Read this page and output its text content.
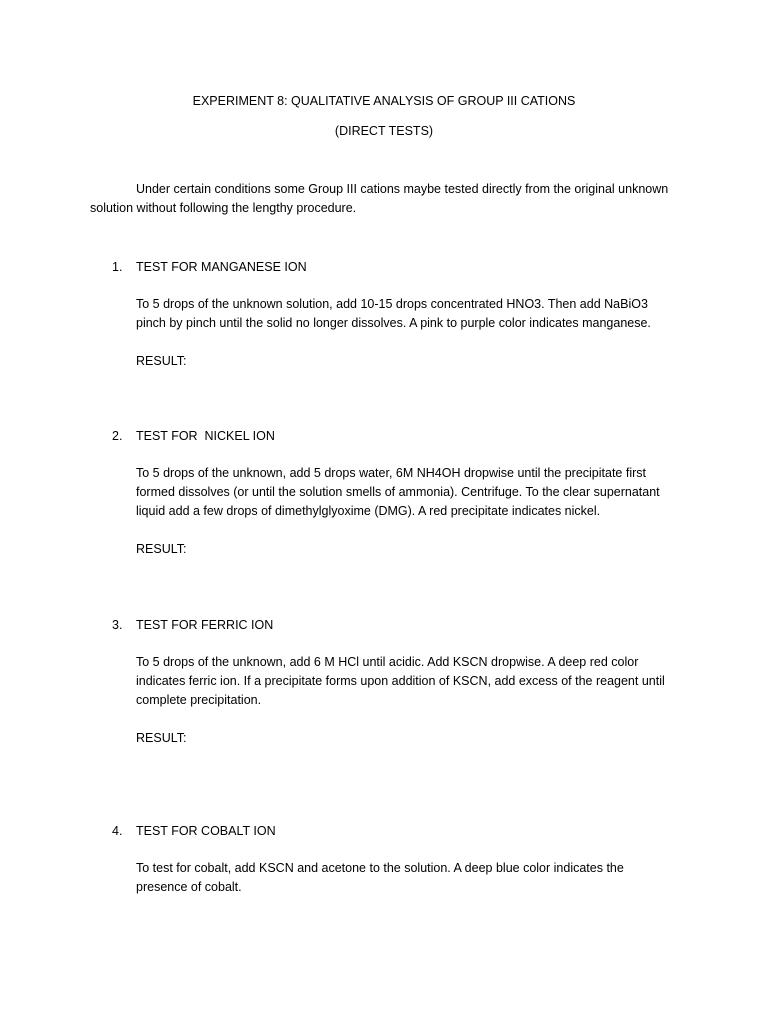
EXPERIMENT 8: QUALITATIVE ANALYSIS OF GROUP III CATIONS
(DIRECT TESTS)

Under certain conditions some Group III cations maybe tested directly from the original unknown solution without following the lengthy procedure.

1. TEST FOR MANGANESE ION

To 5 drops of the unknown solution, add 10-15 drops concentrated HNO3. Then add NaBiO3 pinch by pinch until the solid no longer dissolves. A pink to purple color indicates manganese.

RESULT:
2. TEST FOR  NICKEL ION

To 5 drops of the unknown, add 5 drops water, 6M NH4OH dropwise until the precipitate first formed dissolves (or until the solution smells of ammonia). Centrifuge. To the clear supernatant liquid add a few drops of dimethylglyoxime (DMG). A red precipitate indicates nickel.

RESULT:
3. TEST FOR FERRIC ION

To 5 drops of the unknown, add 6 M HCl until acidic. Add KSCN dropwise. A deep red color indicates ferric ion. If a precipitate forms upon addition of KSCN, add excess of the reagent until complete precipitation.

RESULT:
4. TEST FOR COBALT ION

To test for cobalt, add KSCN and acetone to the solution. A deep blue color indicates the presence of cobalt.
